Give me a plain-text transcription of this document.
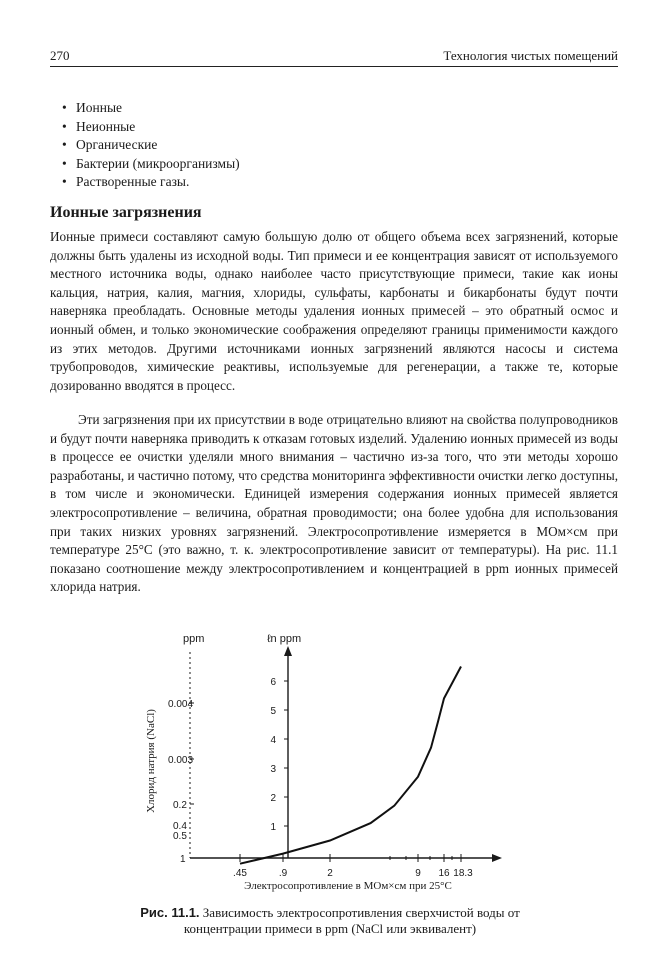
270	Технология чистых помещений
• Ионные
• Неионные
• Органические
• Бактерии (микроорганизмы)
• Растворенные газы.
Ионные загрязнения

Ионные примеси составляют самую большую долю от общего объема всех загрязнений, которые должны быть удалены из исходной воды. Тип примеси и ее концентрация зависят от используемого местного источника воды, однако наиболее часто присутствующие примеси, такие как ионы кальция, натрия, калия, магния, хлориды, сульфаты, карбонаты и бикарбонаты будут почти наверняка преобладать. Основные методы удаления ионных примесей – это обратный осмос и ионный обмен, и только экономические соображения определяют границы применимости каждого из этих методов. Другими источниками ионных загрязнений являются насосы и система трубопроводов, химические реактивы, используемые для регенерации, а также те, которые дозированно вводятся в процесс.

Эти загрязнения при их присутствии в воде отрицательно влияют на свойства полупроводников и будут почти наверняка приводить к отказам готовых изделий. Удалению ионных примесей из воды в процессе ее очистки уделяли много внимания – частично из-за того, что эти методы хорошо разработаны, и частично потому, что средства мониторинга эффективности очистки легко доступны, в том числе и экономически. Единицей измерения содержания ионных примесей является электросопротивление – величина, обратная проводимости; она более удобна для использования при таких низких уровнях загрязнений. Электросопротивление измеряется в МОм×см при температуре 25°С (это важно, т. к. электросопротивление зависит от температуры). На рис. 11.1 показано соотношение между электросопротивлением и концентрацией в ppm ионных примесей хлорида натрия.

ppm	ℓn ppm
6
5
4
3
2
1
0.004
0.003
0.2
0.4
0.5
1
.45	.9	2	9 16 18.3
Электросопротивление в МОм×см при 25°С
Хлорид натрия (NaCl)
Рис. 11.1. Зависимость электросопротивления сверхчистой воды от концентрации примеси в ppm (NaCl или эквивалент)
